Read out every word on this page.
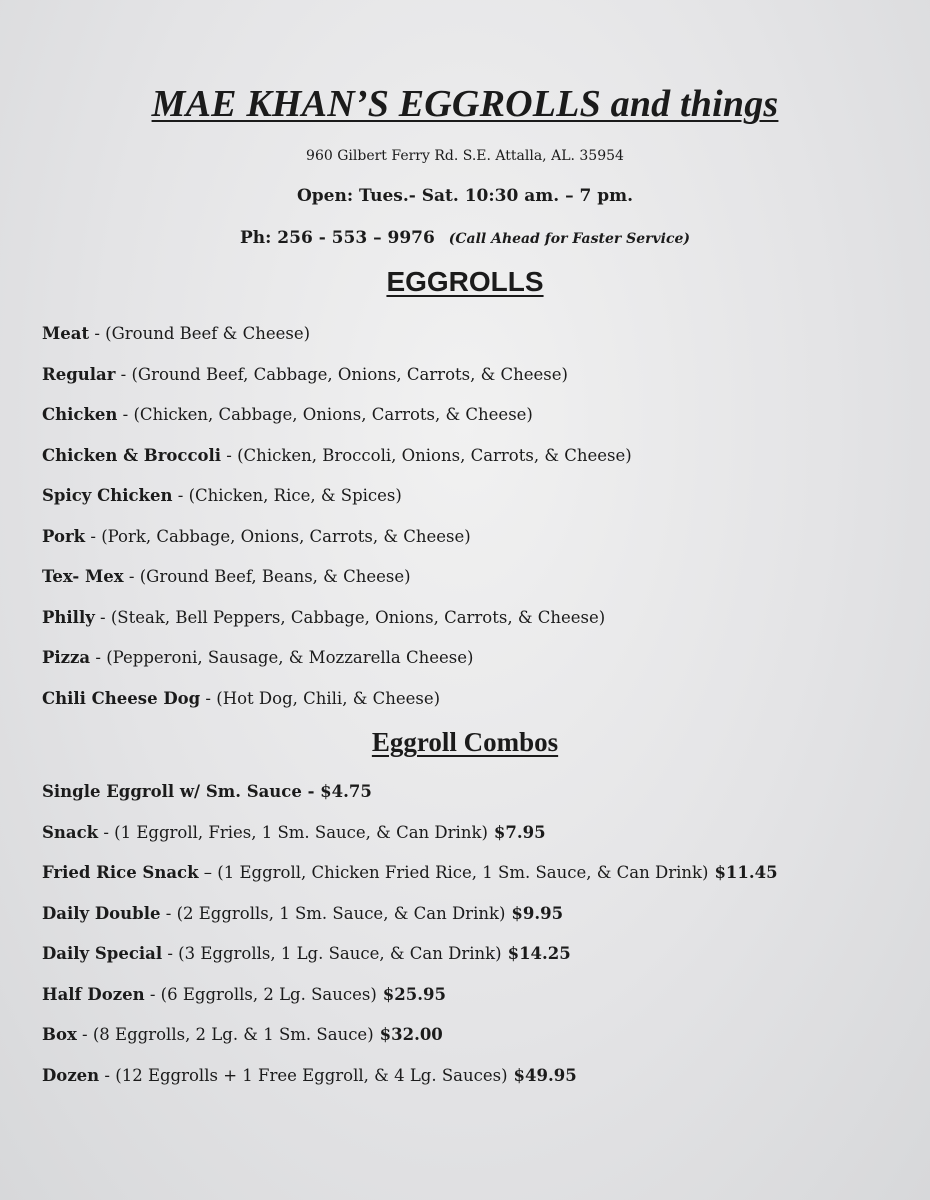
MAE KHAN’S EGGROLLS and things
960 Gilbert Ferry Rd. S.E. Attalla, AL. 35954
Open: Tues.- Sat. 10:30 am. – 7 pm.
Ph: 256 - 553 – 9976 (Call Ahead for Faster Service)
EGGROLLS
Meat - (Ground Beef & Cheese)
Regular - (Ground Beef, Cabbage, Onions, Carrots, & Cheese)
Chicken - (Chicken, Cabbage, Onions, Carrots, & Cheese)
Chicken & Broccoli - (Chicken, Broccoli, Onions, Carrots, & Cheese)
Spicy Chicken - (Chicken, Rice, & Spices)
Pork - (Pork, Cabbage, Onions, Carrots, & Cheese)
Tex- Mex - (Ground Beef, Beans, & Cheese)
Philly - (Steak, Bell Peppers, Cabbage, Onions, Carrots, & Cheese)
Pizza - (Pepperoni, Sausage, & Mozzarella Cheese)
Chili Cheese Dog - (Hot Dog, Chili, & Cheese)
Eggroll Combos
Single Eggroll w/ Sm. Sauce - $4.75
Snack - (1 Eggroll, Fries, 1 Sm. Sauce, & Can Drink) $7.95
Fried Rice Snack – (1 Eggroll, Chicken Fried Rice, 1 Sm. Sauce, & Can Drink) $11.45
Daily Double - (2 Eggrolls, 1 Sm. Sauce, & Can Drink) $9.95
Daily Special - (3 Eggrolls, 1 Lg. Sauce, & Can Drink) $14.25
Half Dozen - (6 Eggrolls, 2 Lg. Sauces) $25.95
Box - (8 Eggrolls, 2 Lg. & 1 Sm. Sauce) $32.00
Dozen - (12 Eggrolls + 1 Free Eggroll, & 4 Lg. Sauces) $49.95
